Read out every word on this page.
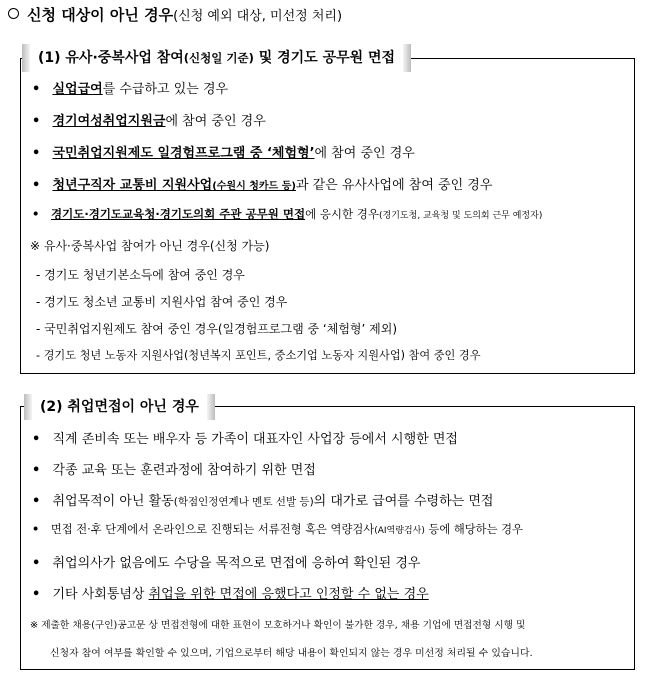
신청 대상이 아닌 경우(신청 예외 대상, 미선정 처리)
(1) 유사·중복사업 참여(신청일 기준) 및 경기도 공무원 면접
• 실업급여를 수급하고 있는 경우
• 경기여성취업지원금에 참여 중인 경우
• 국민취업지원제도 일경험프로그램 중 ‘체험형’에 참여 중인 경우
• 청년구직자 교통비 지원사업(수원시 청카드 등)과 같은 유사사업에 참여 중인 경우
• 경기도·경기도교육청·경기도의회 주관 공무원 면접에 응시한 경우(경기도청, 교육청 및 도의회 근무 예정자)
※ 유사·중복사업 참여가 아닌 경우(신청 가능)
- 경기도 청년기본소득에 참여 중인 경우
- 경기도 청소년 교통비 지원사업 참여 중인 경우
- 국민취업지원제도 참여 중인 경우(일경험프로그램 중 ‘체험형’ 제외)
- 경기도 청년 노동자 지원사업(청년복지 포인트, 중소기업 노동자 지원사업) 참여 중인 경우
(2) 취업면접이 아닌 경우
• 직계 존비속 또는 배우자 등 가족이 대표자인 사업장 등에서 시행한 면접
• 각종 교육 또는 훈련과정에 참여하기 위한 면접
• 취업목적이 아닌 활동(학점인정연계나 멘토 선발 등)의 대가로 급여를 수령하는 면접
• 면접 전·후 단계에서 온라인으로 진행되는 서류전형 혹은 역량검사(AI역량검사) 등에 해당하는 경우
• 취업의사가 없음에도 수당을 목적으로 면접에 응하여 확인된 경우
• 기타 사회통념상 취업을 위한 면접에 응했다고 인정할 수 없는 경우
※ 제출한 채용(구인)공고문 상 면접전형에 대한 표현이 모호하거나 확인이 불가한 경우, 채용 기업에 면접전형 시행 및
신청자 참여 여부를 확인할 수 있으며, 기업으로부터 해당 내용이 확인되지 않는 경우 미선정 처리될 수 있습니다.
